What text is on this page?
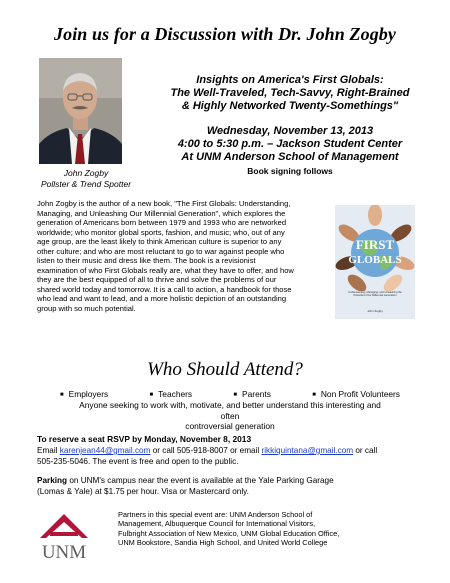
Join us for a Discussion with Dr. John Zogby
John Zogby
Pollster & Trend Spotter
Insights on America's First Globals:
The Well-Traveled, Tech-Savvy, Right-Brained
& Highly Networked Twenty-Somethings"
Wednesday, November 13, 2013
4:00 to 5:30 p.m. – Jackson Student Center
At UNM Anderson School of Management
Book signing follows
John Zogby is the author of a new book, "The First Globals: Understanding,
Managing, and Unleashing Our Millennial Generation", which explores the
generation of Americans born between 1979 and 1993 who are networked
worldwide; who monitor global sports, fashion, and music; who, out of any
age group, are the least likely to think American culture is superior to any
other culture; and who are most reluctant to go to war against people who
listen to their music and dress like them. The book is a revisionist
examination of who First Globals really are, what they have to offer, and how
they are the best equipped of all to thrive and solve the problems of our
shared world today and tomorrow. It is a call to action, a handbook for those
who lead and want to lead, and a more holistic depiction of an outstanding
group with so much potential.
FIRST
GLOBALS
Understanding, Managing, and Unleashing the Potential of Our Millennial Generation
John Zogby
Who Should Attend?
■ Employers	■ Teachers	■ Parents	■ Non Profit Volunteers
Anyone seeking to work with, motivate, and better understand this interesting and often
controversial generation
To reserve a seat RSVP by Monday, November 8, 2013
Email karenjean44@gmail.com or call 505-918-8007 or email rikkiquintana@gmail.com or call
505-235-5046. The event is free and open to the public.
Parking on UNM's campus near the event is available at the Yale Parking Garage
(Lomas & Yale) at $1.75 per hour. Visa or Mastercard only.
UNM
Partners in this special event are: UNM Anderson School of
Management, Albuquerque Council for International Visitors,
Fulbright Association of New Mexico, UNM Global Education Office,
UNM Bookstore, Sandia High School, and United World College
